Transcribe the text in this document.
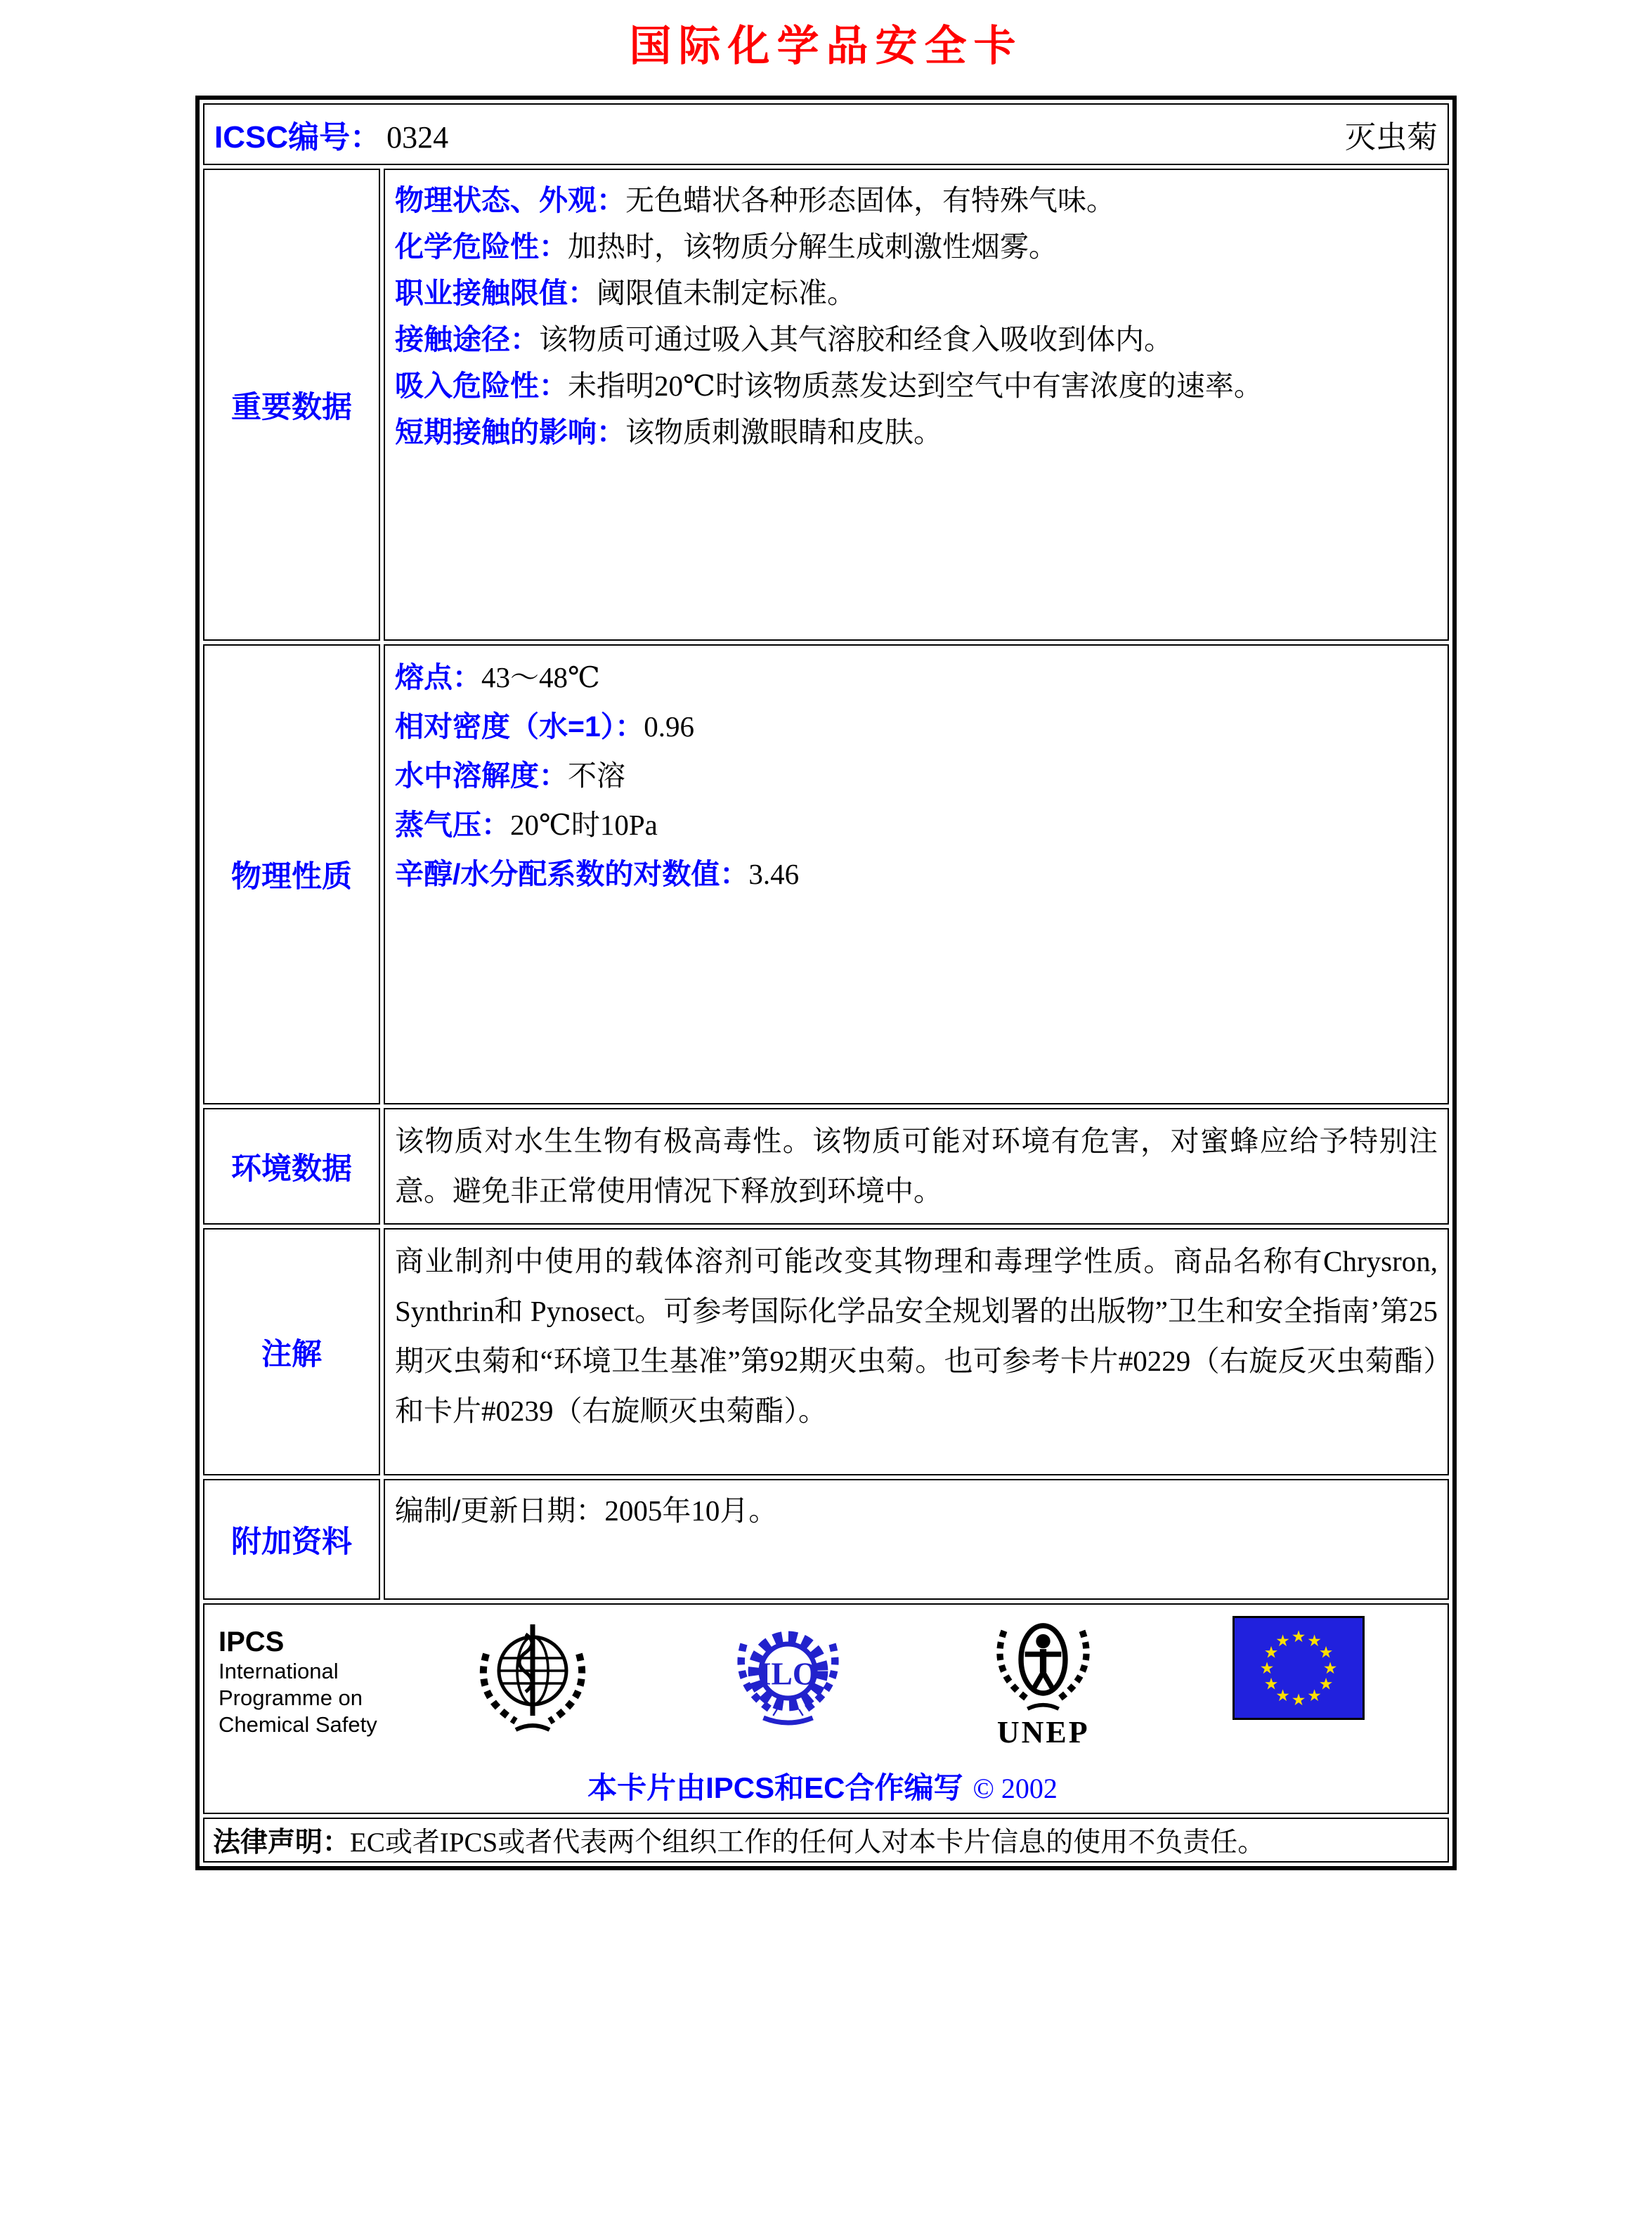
国际化学品安全卡
ICSC编号： 0324 灭虫菊	

重要数据	
物理状态、外观：无色蜡状各种形态固体，有特殊气味。
化学危险性：加热时，该物质分解生成刺激性烟雾。
职业接触限值：阈限值未制定标准。
接触途径：该物质可通过吸入其气溶胶和经食入吸收到体内。
吸入危险性：未指明20℃时该物质蒸发达到空气中有害浓度的速率。
短期接触的影响：该物质刺激眼睛和皮肤。

物理性质	熔点：43～48℃
相对密度（水=1）：0.96
水中溶解度：不溶
蒸气压：20℃时10Pa
辛醇/水分配系数的对数值：3.46

环境数据	该物质对水生生物有极高毒性。该物质可能对环境有危害，对蜜蜂应给予特别注意。避免非正常使用情况下释放到环境中。

注解	商业制剂中使用的载体溶剂可能改变其物理和毒理学性质。商品名称有Chrysron, Synthrin和 Pynosect。可参考国际化学品安全规划署的出版物”卫生和安全指南’第25期灭虫菊和“环境卫生基准”第92期灭虫菊。也可参考卡片#0229（右旋反灭虫菊酯）和卡片#0239（右旋顺灭虫菊酯）。

附加资料	编制/更新日期：2005年10月。

IPCS
International
Programme on
Chemical Safety
ILO
UNEP
★ ★
★
★
★
★
★
★
★
★
★
★
本卡片由IPCS和EC合作编写 © 2002

法律声明：EC或者IPCS或者代表两个组织工作的任何人对本卡片信息的使用不负责任。	
